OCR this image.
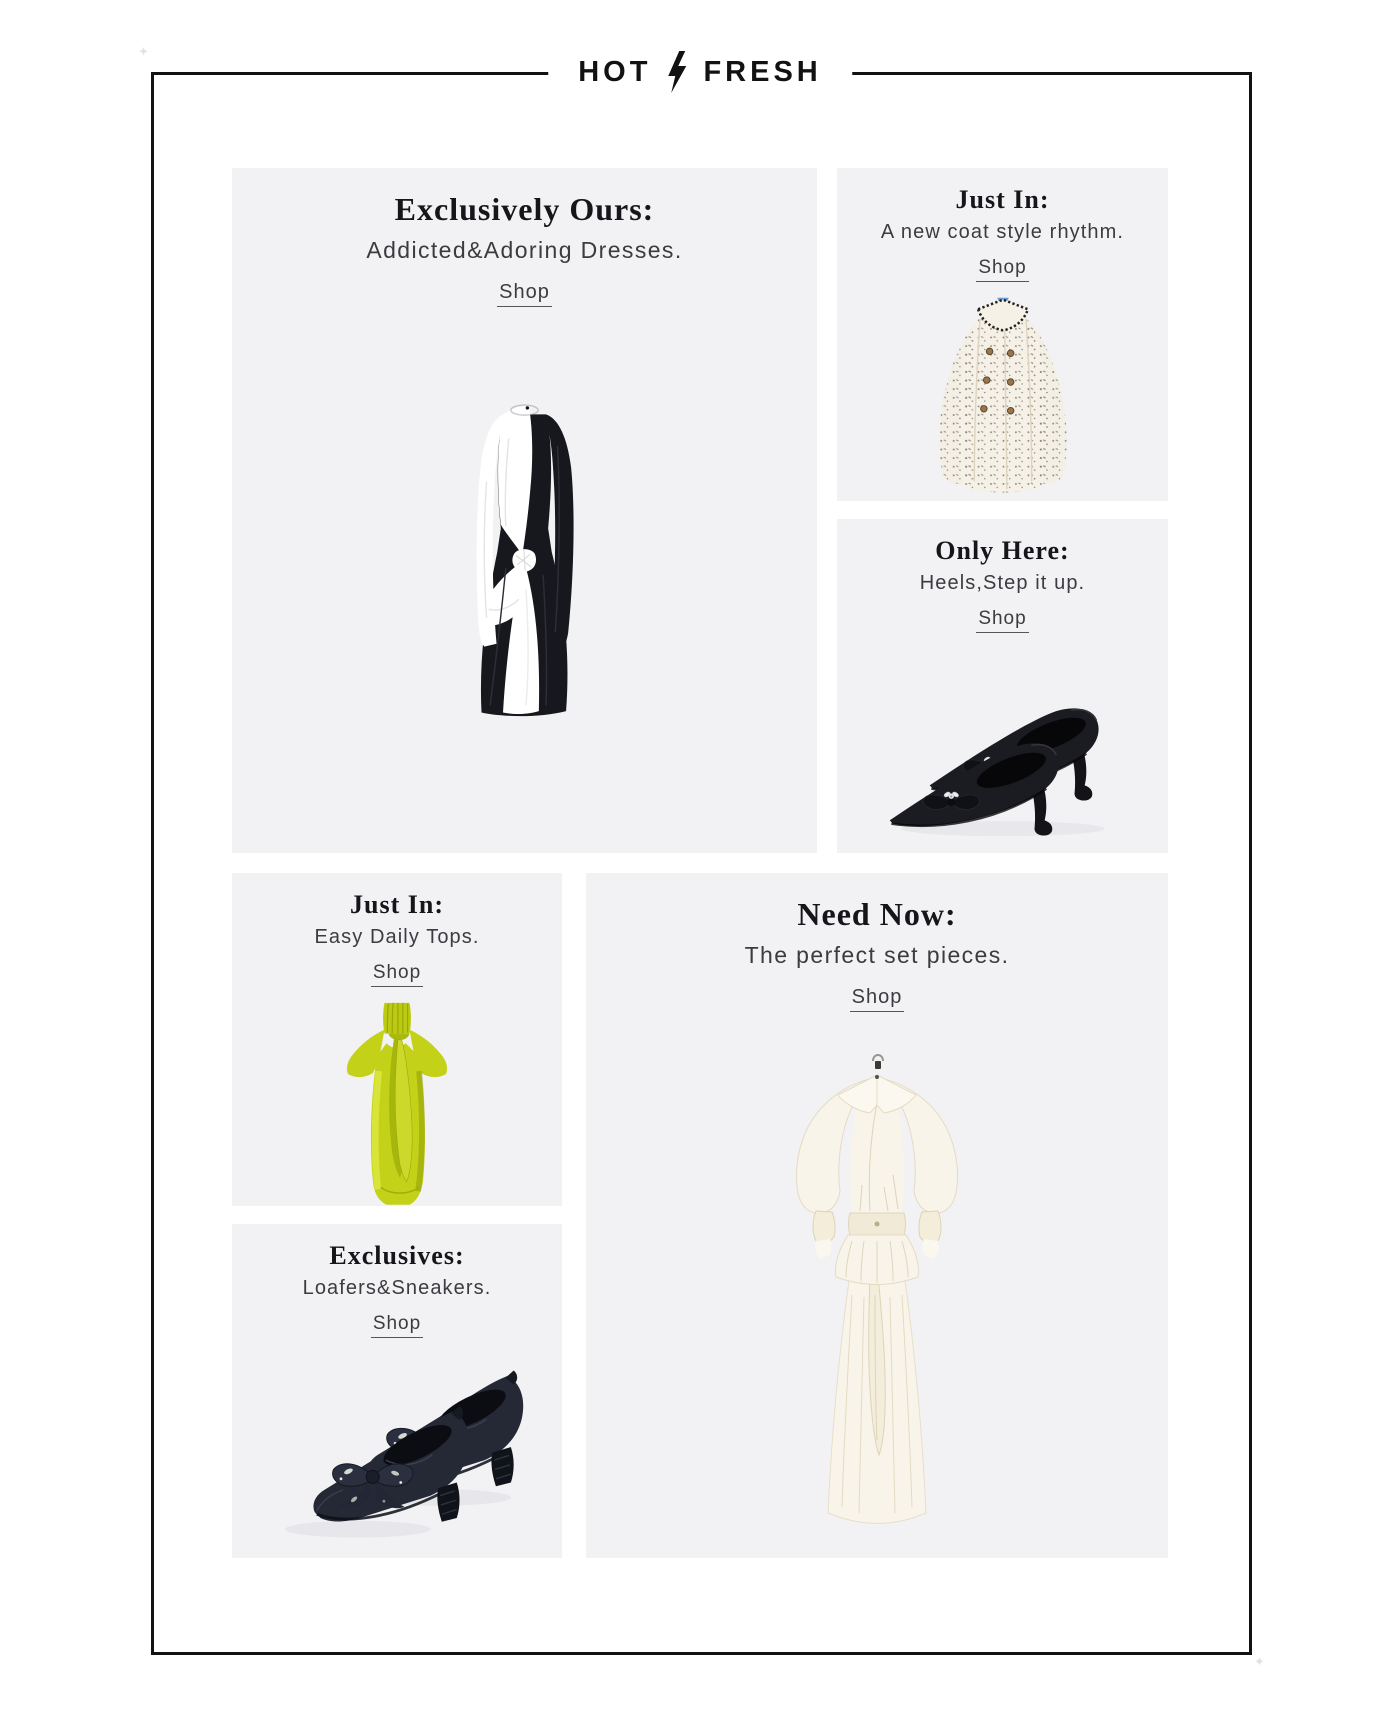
✦
✦
HOT FRESH
Exclusively Ours:

Addicted&Adoring Dresses.

Shop
Just In:

A new coat style rhythm.

Shop
Only Here:

Heels,Step it up.

Shop
Just In:

Easy Daily Tops.

Shop
Need Now:

The perfect set pieces.

Shop
Exclusives:

Loafers&Sneakers.

Shop
